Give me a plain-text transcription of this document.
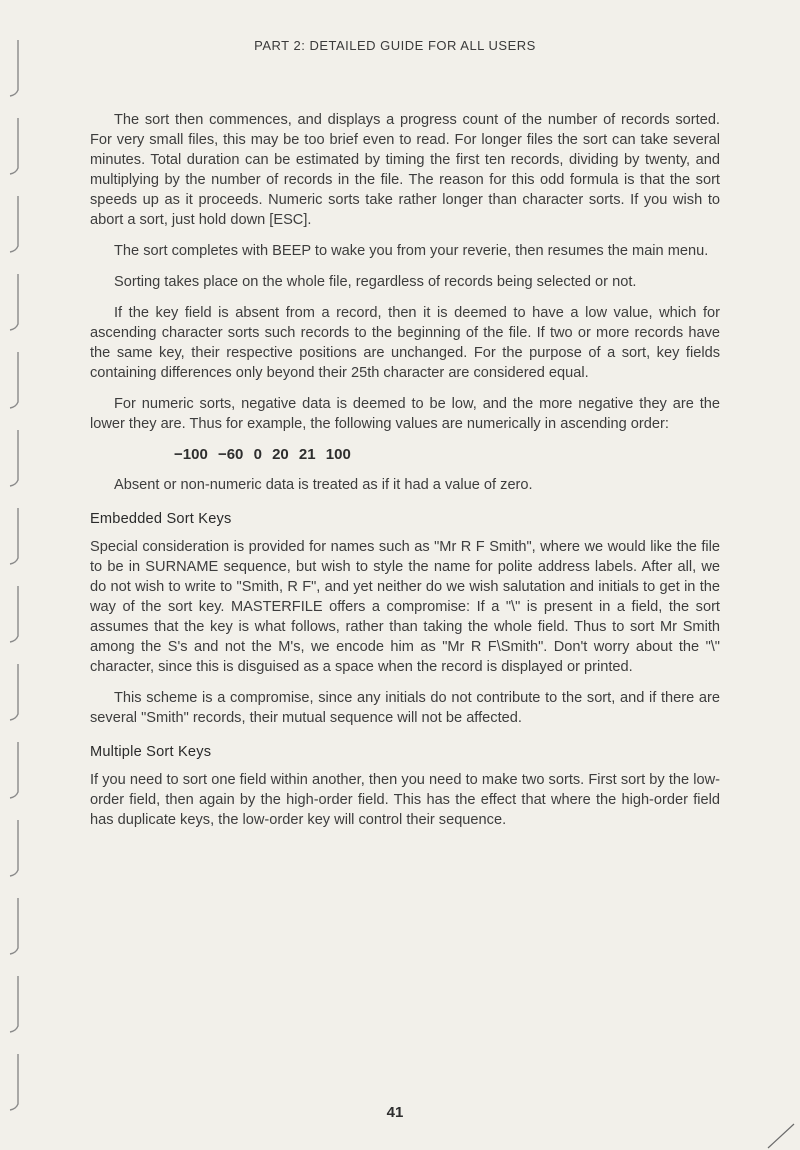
PART 2: DETAILED GUIDE FOR ALL USERS

The sort then commences, and displays a progress count of the number of records sorted. For very small files, this may be too brief even to read. For longer files the sort can take several minutes. Total duration can be estimated by timing the first ten records, dividing by twenty, and multiplying by the number of records in the file. The reason for this odd formula is that the sort speeds up as it proceeds. Numeric sorts take rather longer than character sorts. If you wish to abort a sort, just hold down [ESC].

The sort completes with BEEP to wake you from your reverie, then resumes the main menu.

Sorting takes place on the whole file, regardless of records being selected or not.

If the key field is absent from a record, then it is deemed to have a low value, which for ascending character sorts such records to the beginning of the file. If two or more records have the same key, their respective positions are unchanged. For the purpose of a sort, key fields containing differences only beyond their 25th character are considered equal.

For numeric sorts, negative data is deemed to be low, and the more negative they are the lower they are. Thus for example, the following values are numerically in ascending order:

−100 −60 0 20 21 100

Absent or non-numeric data is treated as if it had a value of zero.

Embedded Sort Keys

Special consideration is provided for names such as "Mr R F Smith", where we would like the file to be in SURNAME sequence, but wish to style the name for polite address labels. After all, we do not wish to write to "Smith, R F", and yet neither do we wish salutation and initials to get in the way of the sort key. MASTERFILE offers a compromise: If a "\" is present in a field, the sort assumes that the key is what follows, rather than taking the whole field. Thus to sort Mr Smith among the S's and not the M's, we encode him as "Mr R F\Smith". Don't worry about the "\" character, since this is disguised as a space when the record is displayed or printed.

This scheme is a compromise, since any initials do not contribute to the sort, and if there are several "Smith" records, their mutual sequence will not be affected.

Multiple Sort Keys

If you need to sort one field within another, then you need to make two sorts. First sort by the low-order field, then again by the high-order field. This has the effect that where the high-order field has duplicate keys, the low-order key will control their sequence.

41
